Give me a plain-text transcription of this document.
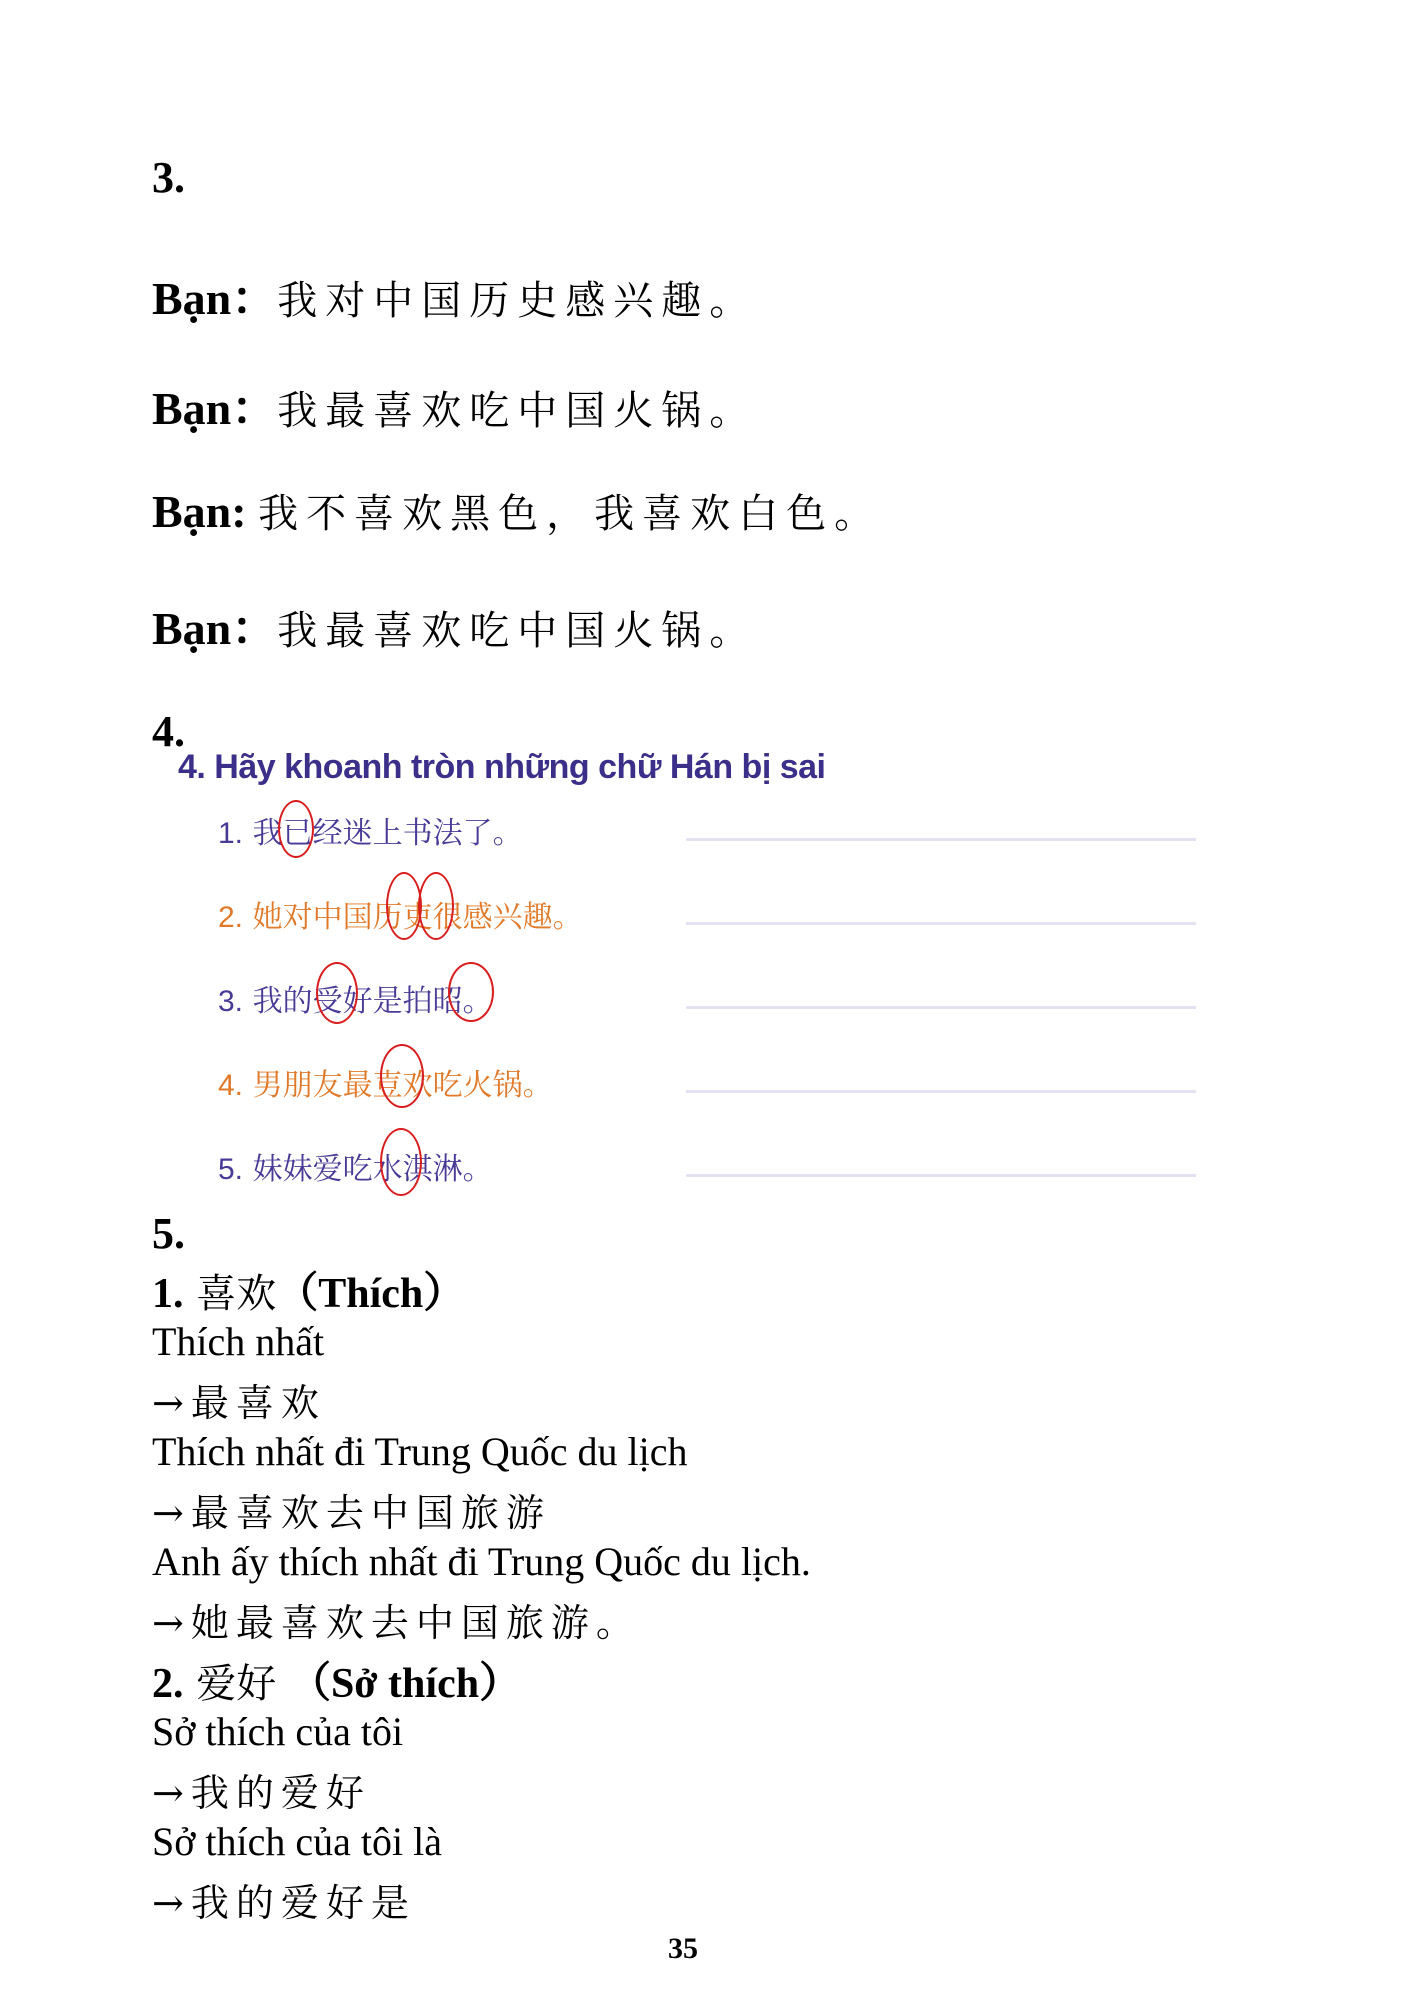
3.
Bạn：我对中国历史感兴趣。
Bạn：我最喜欢吃中国火锅。
Bạn: 我不喜欢黑色，我喜欢白色。
Bạn：我最喜欢吃中国火锅。
4.
4. Hãy khoanh tròn những chữ Hán bị sai
1. 我已经迷上书法了。
2. 她对中国历吏很感兴趣。
3. 我的受好是拍昭。
4. 男朋友最壴欢吃火锅。
5. 妹妹爱吃水淇淋。
5.
1. 喜欢（Thích）
Thích nhất
→最喜欢
Thích nhất đi Trung Quốc du lịch
→最喜欢去中国旅游
Anh ấy thích nhất đi Trung Quốc du lịch.
→她最喜欢去中国旅游。
2. 爱好 （Sở thích）
Sở thích của tôi
→我的爱好
Sở thích của tôi là
→我的爱好是
35
